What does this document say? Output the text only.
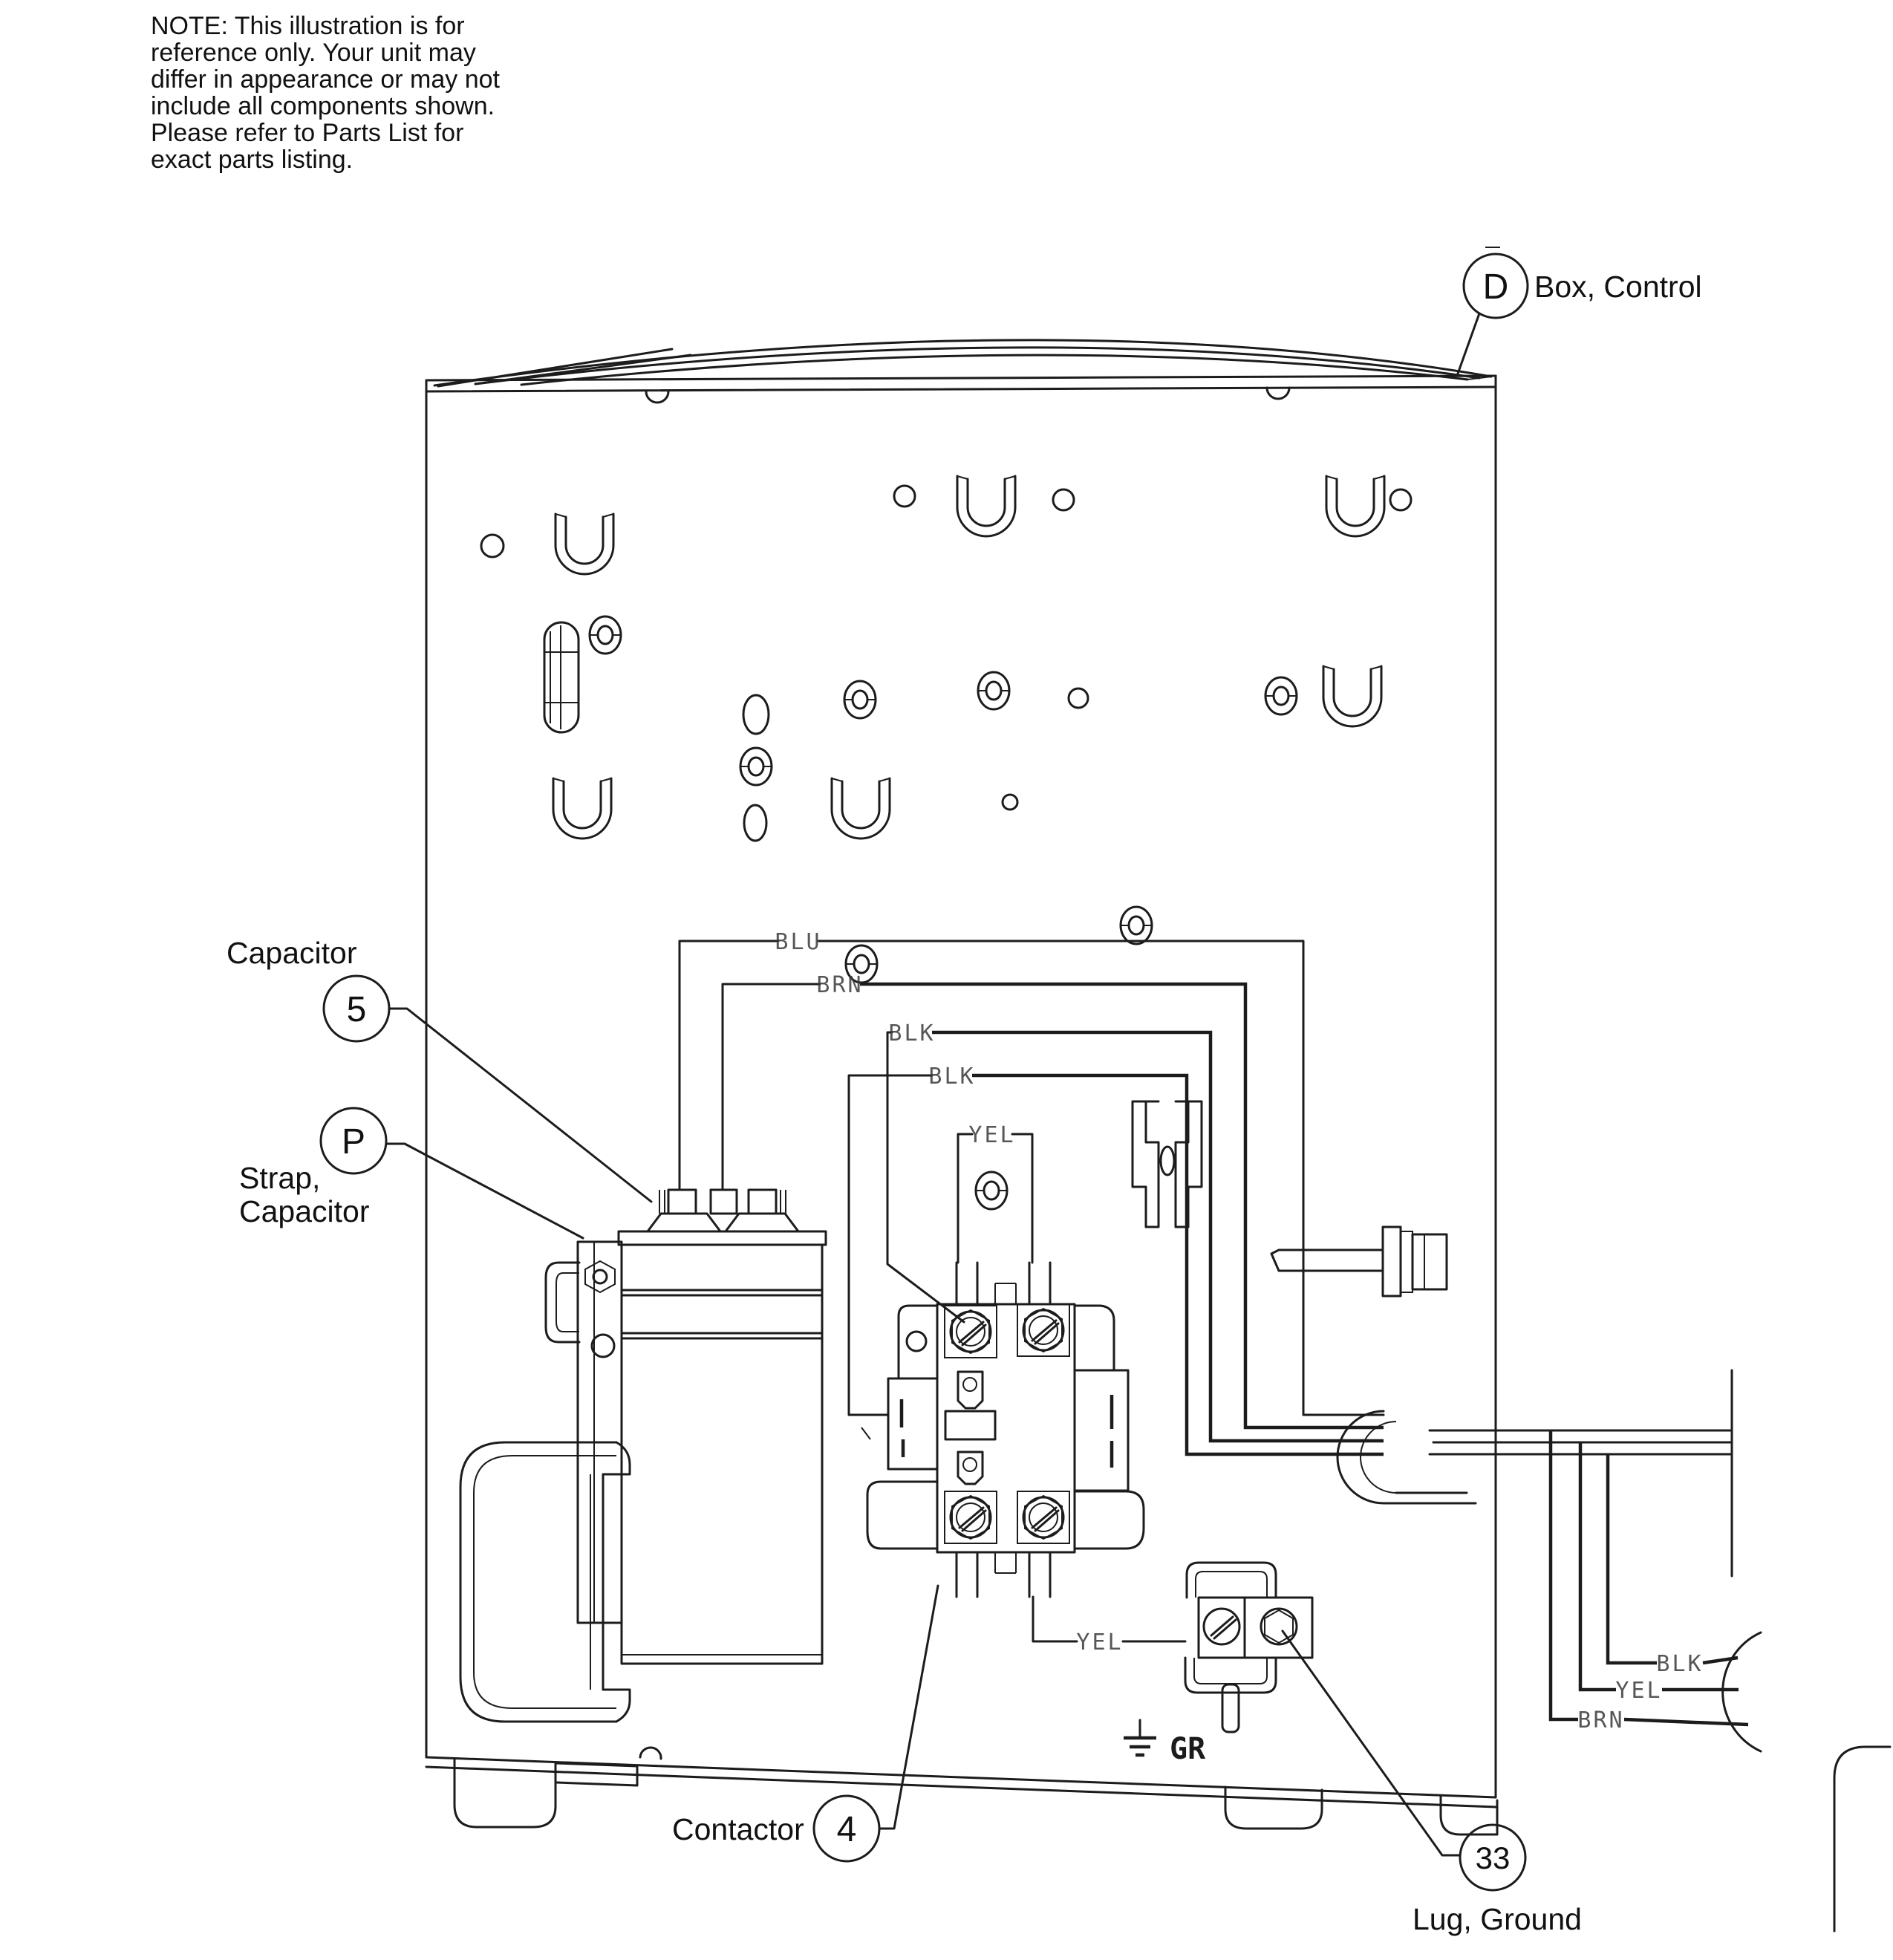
NOTE: This illustration is for
reference only. Your unit may
differ in appearance or may not
include all components shown.
Please refer to Parts List for
exact parts listing.
BLU
BRN
BLK
BLK
YEL
BLK
YEL
BRN
YEL
GR
D Box, Control
Capacitor
5
P
Strap,
Capacitor
Contactor 4
33
Lug, Ground
